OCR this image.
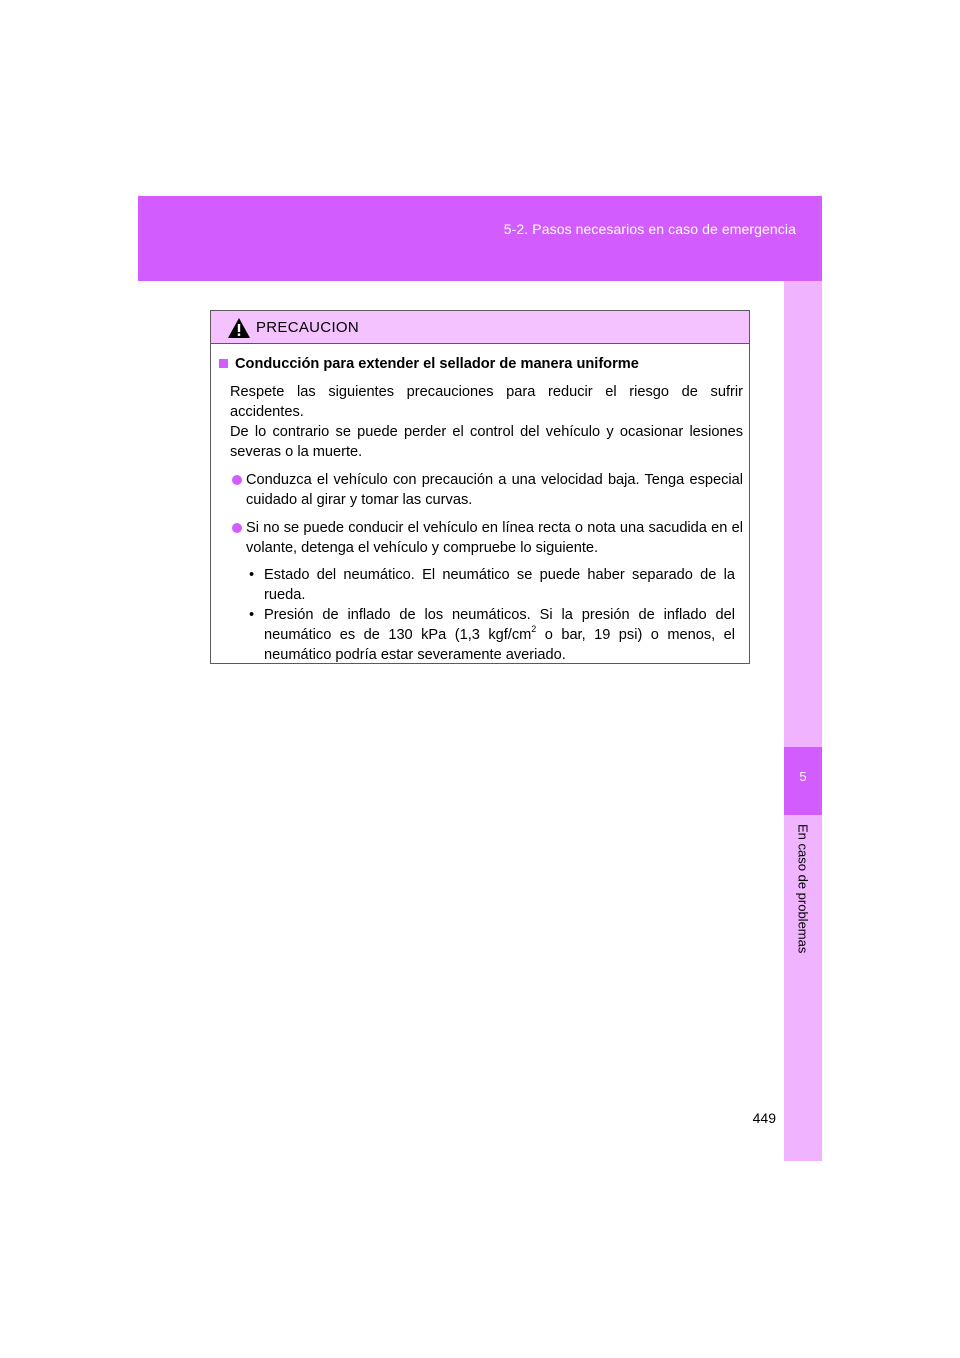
5-2. Pasos necesarios en caso de emergencia
5
En caso de problemas
449
PRECAUCION
Conducción para extender el sellador de manera uniforme

Respete las siguientes precauciones para reducir el riesgo de sufrir accidentes.

De lo contrario se puede perder el control del vehículo y ocasionar lesiones severas o la muerte.

Conduzca el vehículo con precaución a una velocidad baja. Tenga especial cuidado al girar y tomar las curvas.
Si no se puede conducir el vehículo en línea recta o nota una sacudida en el volante, detenga el vehículo y compruebe lo siguiente.
• Estado del neumático. El neumático se puede haber separado de la rueda.
• Presión de inflado de los neumáticos. Si la presión de inflado del neumático es de 130 kPa (1,3 kgf/$cm^2$ o bar, 19 psi) o menos, el neumático podría estar severamente averiado.
